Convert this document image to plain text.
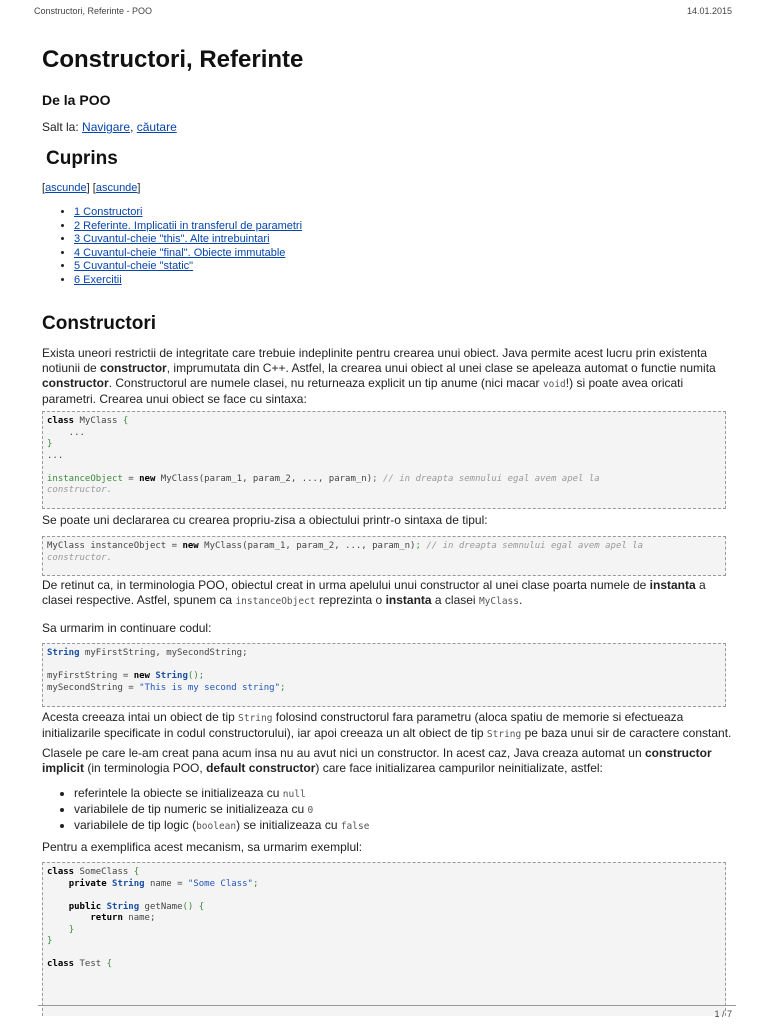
Constructori, Referinte - POO	14.01.2015
Constructori, Referinte
De la POO
Salt la: Navigare, căutare
Cuprins
[ascunde] [ascunde]
• 1 Constructori
• 2 Referinte. Implicatii in transferul de parametri
• 3 Cuvantul-cheie "this". Alte intrebuintari
• 4 Cuvantul-cheie "final". Obiecte immutable
• 5 Cuvantul-cheie "static"
• 6 Exercitii
Constructori
Exista uneori restrictii de integritate care trebuie indeplinite pentru crearea unui obiect. Java permite acest lucru prin existenta notiunii de constructor, imprumutata din C++. Astfel, la crearea unui obiect al unei clase se apeleaza automat o functie numita constructor. Constructorul are numele clasei, nu returneaza explicit un tip anume (nici macar void!) si poate avea oricati parametri. Crearea unui obiect se face cu sintaxa:
class MyClass {
...
}
...

instanceObject = new MyClass(param_1, param_2, ..., param_n); // in dreapta semnului egal avem apel la
constructor.
Se poate uni declararea cu crearea propriu-zisa a obiectului printr-o sintaxa de tipul:
MyClass instanceObject = new MyClass(param_1, param_2, ..., param_n); // in dreapta semnului egal avem apel la
constructor.
De retinut ca, in terminologia POO, obiectul creat in urma apelului unui constructor al unei clase poarta numele de instanta a clasei respective. Astfel, spunem ca instanceObject reprezinta o instanta a clasei MyClass.
Sa urmarim in continuare codul:
String myFirstString, mySecondString;

myFirstString = new String();
mySecondString = "This is my second string";
Acesta creeaza intai un obiect de tip String folosind constructorul fara parametru (aloca spatiu de memorie si efectueaza initializarile specificate in codul constructorului), iar apoi creeaza un alt obiect de tip String pe baza unui sir de caractere constant.
Clasele pe care le-am creat pana acum insa nu au avut nici un constructor. In acest caz, Java creaza automat un constructor implicit (in terminologia POO, default constructor) care face initializarea campurilor neinitializate, astfel:
• referintele la obiecte se initializeaza cu null
• variabilele de tip numeric se initializeaza cu 0
• variabilele de tip logic (boolean) se initializeaza cu false
Pentru a exemplifica acest mecanism, sa urmarim exemplul:
class SomeClass {
private String name = "Some Class";

public String getName() {
return name;
}
}

class Test {
1 / 7
